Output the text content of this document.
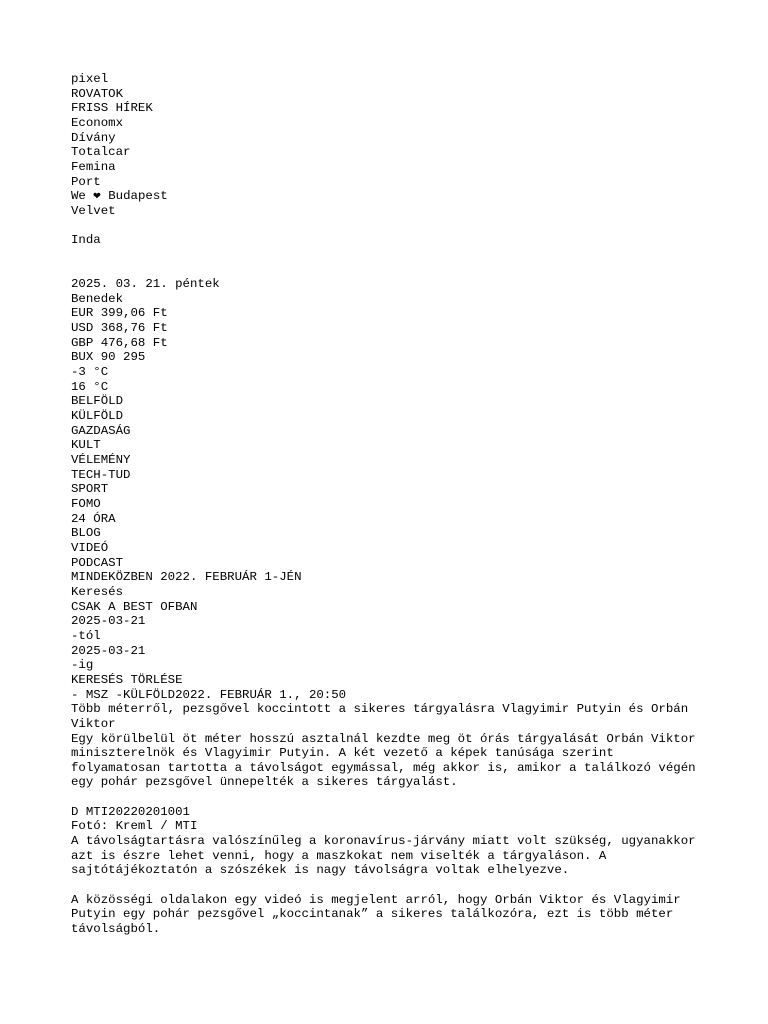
pixel
ROVATOK
FRISS HÍREK
Economx
Dívány
Totalcar
Femina
Port
We ❤ Budapest
Velvet
Inda
2025. 03. 21. péntek
Benedek
EUR 399,06 Ft
USD 368,76 Ft
GBP 476,68 Ft
BUX 90 295
-3 °C
16 °C
BELFÖLD
KÜLFÖLD
GAZDASÁG
KULT
VÉLEMÉNY
TECH-TUD
SPORT
FOMO
24 ÓRA
BLOG
VIDEÓ
PODCAST
MINDEKÖZBEN 2022. FEBRUÁR 1-JÉN
Keresés
CSAK A BEST OFBAN
2025-03-21
-tól
2025-03-21
-ig
KERESÉS TÖRLÉSE
- MSZ -KÜLFÖLD2022. FEBRUÁR 1., 20:50
Több méterről, pezsgővel koccintott a sikeres tárgyalásra Vlagyimir Putyin és Orbán Viktor

Egy körülbelül öt méter hosszú asztalnál kezdte meg öt órás tárgyalását Orbán Viktor miniszterelnök és Vlagyimir Putyin. A két vezető a képek tanúsága szerint folyamatosan tartotta a távolságot egymással, még akkor is, amikor a találkozó végén egy pohár pezsgővel ünnepelték a sikeres tárgyalást.

D MTI20220201001
Fotó: Kreml / MTI

A távolságtartásra valószínűleg a koronavírus-járvány miatt volt szükség, ugyanakkor azt is észre lehet venni, hogy a maszkokat nem viselték a tárgyaláson. A sajtótájékoztatón a szószékek is nagy távolságra voltak elhelyezve.

A közösségi oldalakon egy videó is megjelent arról, hogy Orbán Viktor és Vlagyimir Putyin egy pohár pezsgővel „koccintanak” a sikeres találkozóra, ezt is több méter távolságból.
